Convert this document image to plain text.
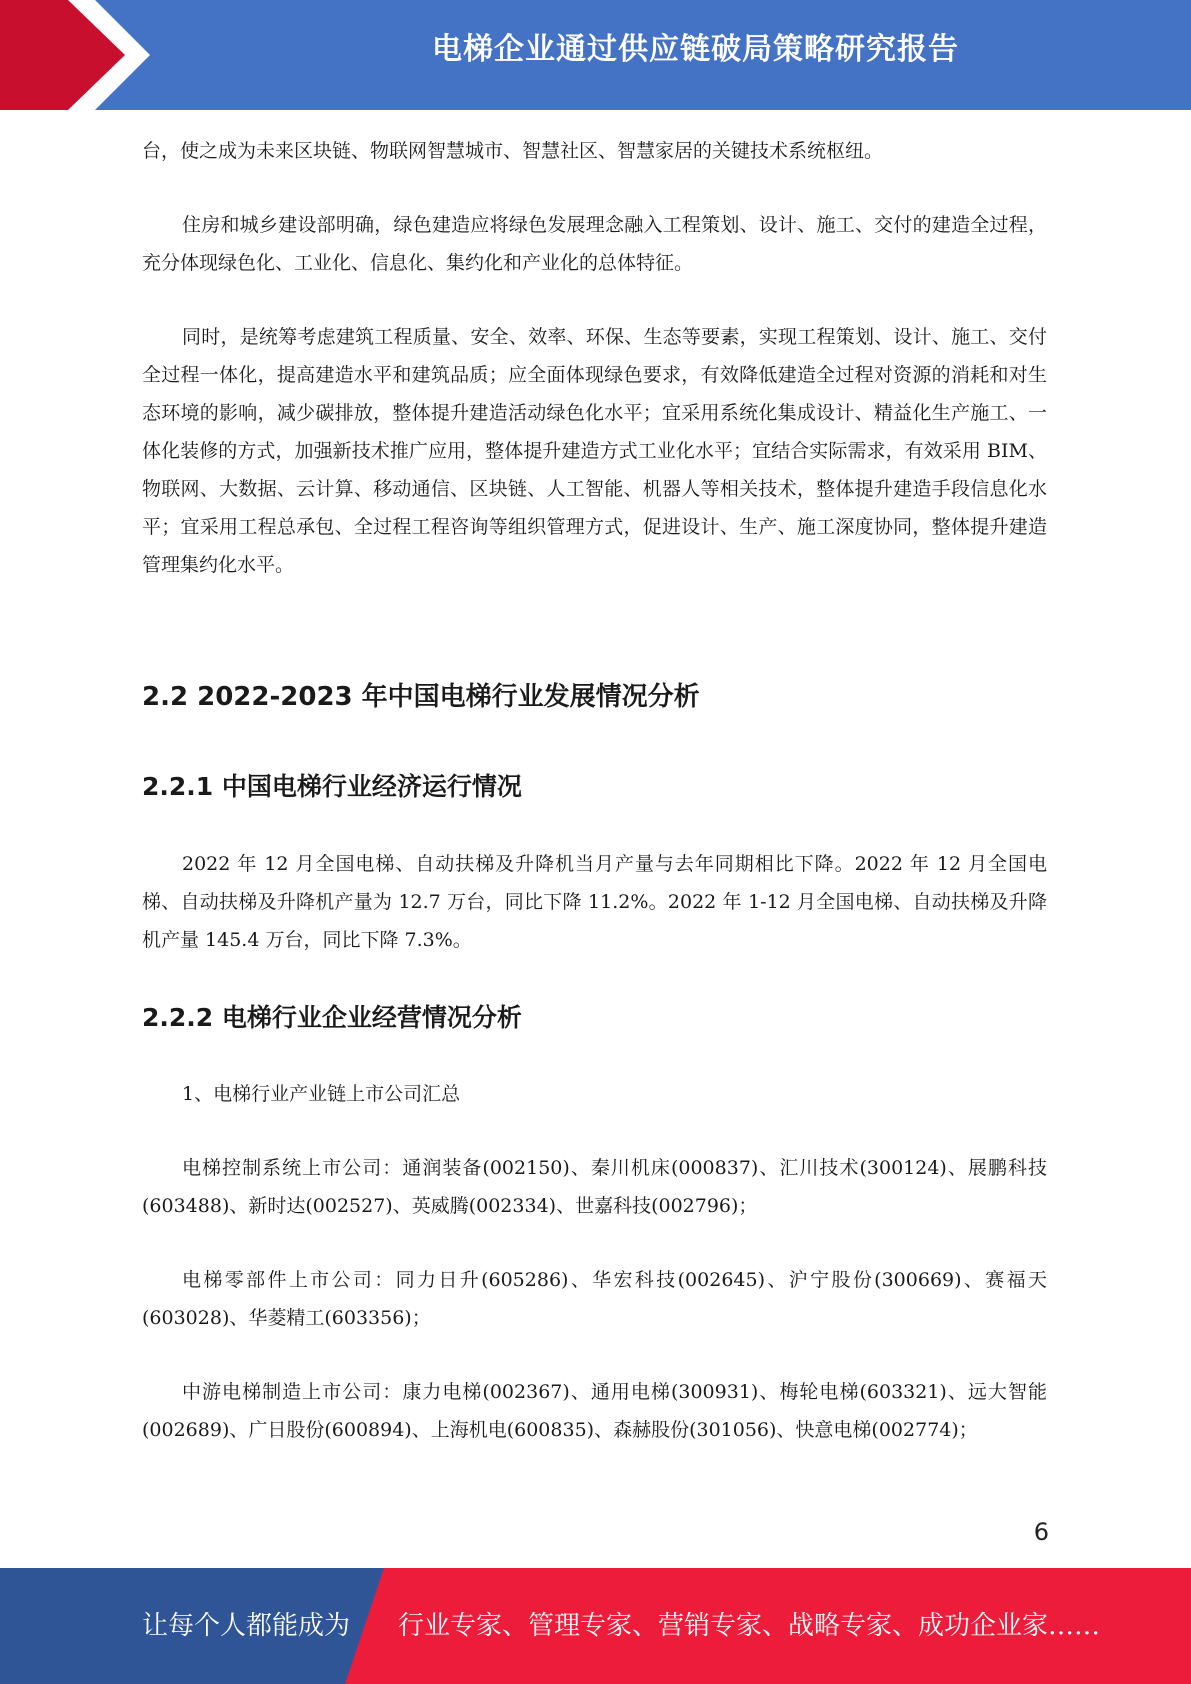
电梯企业通过供应链破局策略研究报告

台，使之成为未来区块链、物联网智慧城市、智慧社区、智慧家居的关键技术系统枢纽。

住房和城乡建设部明确，绿色建造应将绿色发展理念融入工程策划、设计、施工、交付的建造全过程，充分体现绿色化、工业化、信息化、集约化和产业化的总体特征。

同时，是统筹考虑建筑工程质量、安全、效率、环保、生态等要素，实现工程策划、设计、施工、交付全过程一体化，提高建造水平和建筑品质；应全面体现绿色要求，有效降低建造全过程对资源的消耗和对生态环境的影响，减少碳排放，整体提升建造活动绿色化水平；宜采用系统化集成设计、精益化生产施工、一体化装修的方式，加强新技术推广应用，整体提升建造方式工业化水平；宜结合实际需求，有效采用 BIM、物联网、大数据、云计算、移动通信、区块链、人工智能、机器人等相关技术，整体提升建造手段信息化水平；宜采用工程总承包、全过程工程咨询等组织管理方式，促进设计、生产、施工深度协同，整体提升建造管理集约化水平。

2.2 2022-2023 年中国电梯行业发展情况分析
2.2.1 中国电梯行业经济运行情况

2022 年 12 月全国电梯、自动扶梯及升降机当月产量与去年同期相比下降。2022 年 12 月全国电梯、自动扶梯及升降机产量为 12.7 万台，同比下降 11.2%。2022 年 1-12 月全国电梯、自动扶梯及升降机产量 145.4 万台，同比下降 7.3%。

2.2.2 电梯行业企业经营情况分析

1、电梯行业产业链上市公司汇总

电梯控制系统上市公司：通润装备(002150)、秦川机床(000837)、汇川技术(300124)、展鹏科技(603488)、新时达(002527)、英威腾(002334)、世嘉科技(002796)；

电梯零部件上市公司：同力日升(605286)、华宏科技(002645)、沪宁股份(300669)、赛福天(603028)、华菱精工(603356)；

中游电梯制造上市公司：康力电梯(002367)、通用电梯(300931)、梅轮电梯(603321)、远大智能(002689)、广日股份(600894)、上海机电(600835)、森赫股份(301056)、快意电梯(002774)；

6
让每个人都能成为 行业专家、管理专家、营销专家、战略专家、成功企业家……
